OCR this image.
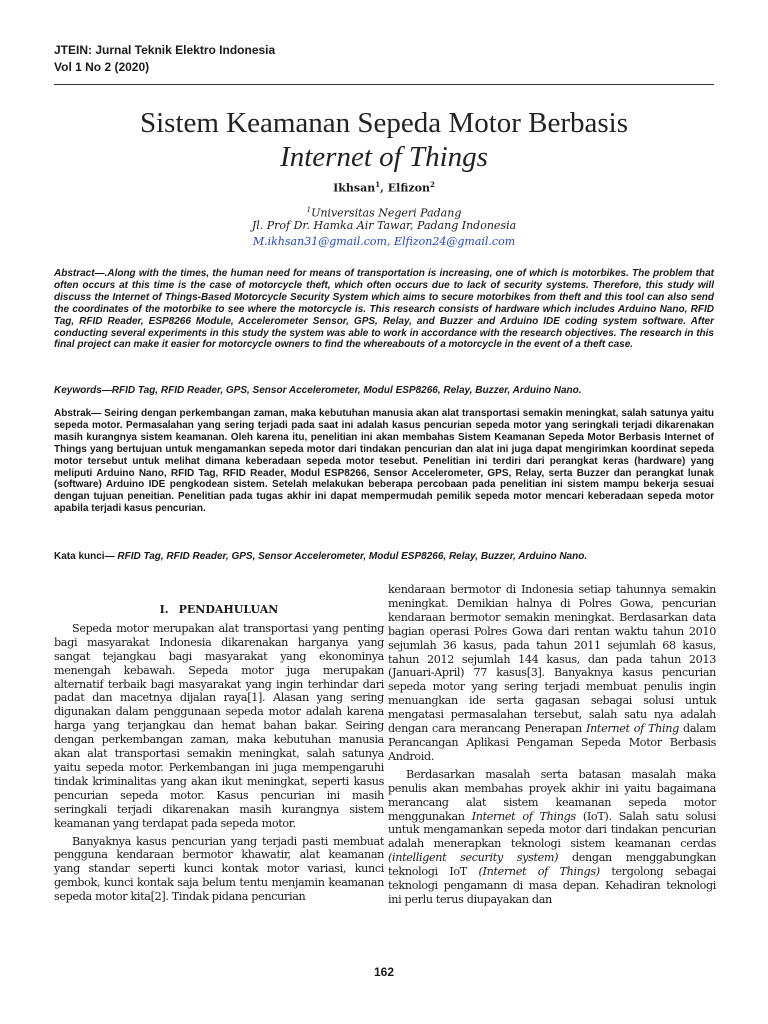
JTEIN: Jurnal Teknik Elektro Indonesia
Vol 1 No 2 (2020)
Sistem Keamanan Sepeda Motor Berbasis
Internet of Things
Ikhsan$^1$, Elfizon$^2$
$^1$Universitas Negeri Padang
Jl. Prof Dr. Hamka Air Tawar, Padang Indonesia
M.ikhsan31@gmail.com, Elfizon24@gmail.com

Abstract—.Along with the times, the human need for means of transportation is increasing, one of which is motorbikes. The problem that often occurs at this time is the case of motorcycle theft, which often occurs due to lack of security systems. Therefore, this study will discuss the Internet of Things-Based Motorcycle Security System which aims to secure motorbikes from theft and this tool can also send the coordinates of the motorbike to see where the motorcycle is. This research consists of hardware which includes Arduino Nano, RFID Tag, RFID Reader, ESP8266 Module, Accelerometer Sensor, GPS, Relay, and Buzzer and Arduino IDE coding system software. After conducting several experiments in this study the system was able to work in accordance with the research objectives. The research in this final project can make it easier for motorcycle owners to find the whereabouts of a motorcycle in the event of a theft case.

Keywords—RFID Tag, RFID Reader, GPS, Sensor Accelerometer, Modul ESP8266, Relay, Buzzer, Arduino Nano.

Abstrak— Seiring dengan perkembangan zaman, maka kebutuhan manusia akan alat transportasi semakin meningkat, salah satunya yaitu sepeda motor. Permasalahan yang sering terjadi pada saat ini adalah kasus pencurian sepeda motor yang seringkali terjadi dikarenakan masih kurangnya sistem keamanan. Oleh karena itu, penelitian ini akan membahas Sistem Keamanan Sepeda Motor Berbasis Internet of Things yang bertujuan untuk mengamankan sepeda motor dari tindakan pencurian dan alat ini juga dapat mengirimkan koordinat sepeda motor tersebut untuk melihat dimana keberadaan sepeda motor tesebut. Penelitian ini terdiri dari perangkat keras (hardware) yang meliputi Arduino Nano, RFID Tag, RFID Reader, Modul ESP8266, Sensor Accelerometer, GPS, Relay, serta Buzzer dan perangkat lunak (software) Arduino IDE pengkodean sistem. Setelah melakukan beberapa percobaan pada penelitian ini sistem mampu bekerja sesuai dengan tujuan peneitian. Penelitian pada tugas akhir ini dapat mempermudah pemilik sepeda motor mencari keberadaan sepeda motor apabila terjadi kasus pencurian.

Kata kunci— RFID Tag, RFID Reader, GPS, Sensor Accelerometer, Modul ESP8266, Relay, Buzzer, Arduino Nano.

I. PENDAHULUAN

Sepeda motor merupakan alat transportasi yang penting bagi masyarakat Indonesia dikarenakan harganya yang sangat tejangkau bagi masyarakat yang ekonominya menengah kebawah. Sepeda motor juga merupakan alternatif terbaik bagi masyarakat yang ingin terhindar dari padat dan macetnya dijalan raya[1]. Alasan yang sering digunakan dalam penggunaan sepeda motor adalah karena harga yang terjangkau dan hemat bahan bakar. Seiring dengan perkembangan zaman, maka kebutuhan manusia akan alat transportasi semakin meningkat, salah satunya yaitu sepeda motor. Perkembangan ini juga mempengaruhi tindak kriminalitas yang akan ikut meningkat, seperti kasus pencurian sepeda motor. Kasus pencurian ini masih seringkali terjadi dikarenakan masih kurangnya sistem keamanan yang terdapat pada sepeda motor.

Banyaknya kasus pencurian yang terjadi pasti membuat pengguna kendaraan bermotor khawatir, alat keamanan yang standar seperti kunci kontak motor variasi, kunci gembok, kunci kontak saja belum tentu menjamin keamanan sepeda motor kita[2]. Tindak pidana pencurian

kendaraan bermotor di Indonesia setiap tahunnya semakin meningkat. Demikian halnya di Polres Gowa, pencurian kendaraan bermotor semakin meningkat. Berdasarkan data bagian operasi Polres Gowa dari rentan waktu tahun 2010 sejumlah 36 kasus, pada tahun 2011 sejumlah 68 kasus, tahun 2012 sejumlah 144 kasus, dan pada tahun 2013 (Januari-April) 77 kasus[3]. Banyaknya kasus pencurian sepeda motor yang sering terjadi membuat penulis ingin menuangkan ide serta gagasan sebagai solusi untuk mengatasi permasalahan tersebut, salah satu nya adalah dengan cara merancang Penerapan Internet of Thing dalam Perancangan Aplikasi Pengaman Sepeda Motor Berbasis Android.

Berdasarkan masalah serta batasan masalah maka penulis akan membahas proyek akhir ini yaitu bagaimana merancang alat sistem keamanan sepeda motor menggunakan Internet of Things (IoT). Salah satu solusi untuk mengamankan sepeda motor dari tindakan pencurian adalah menerapkan teknologi sistem keamanan cerdas (intelligent security system) dengan menggabungkan teknologi IoT (Internet of Things) tergolong sebagai teknologi pengamann di masa depan. Kehadiran teknologi ini perlu terus diupayakan dan

162
